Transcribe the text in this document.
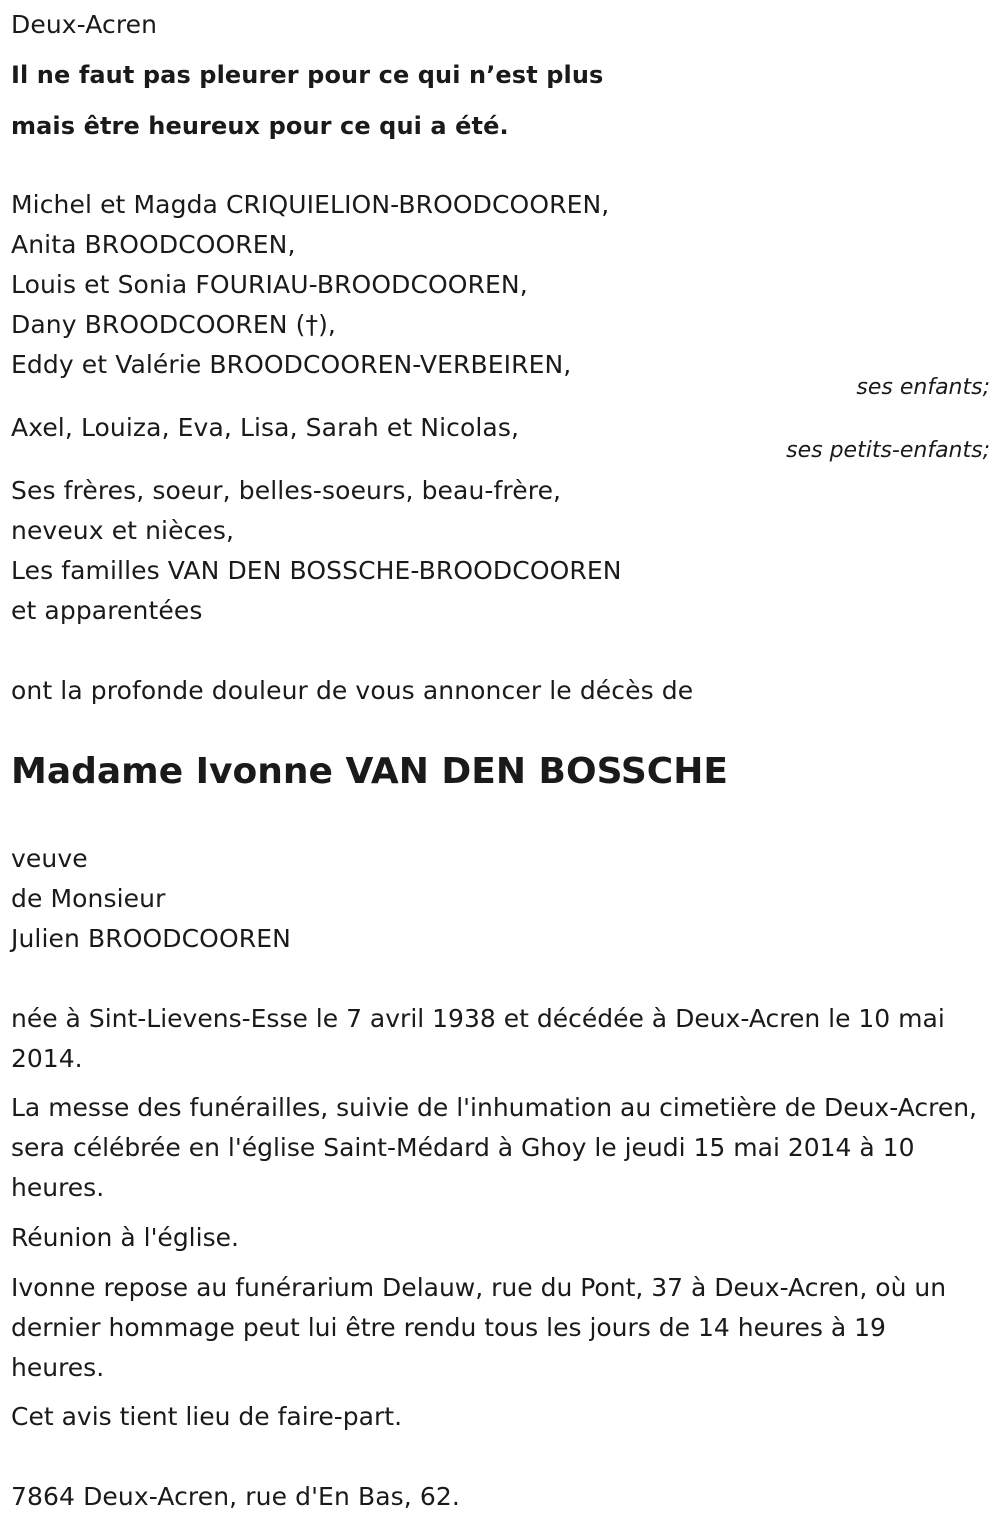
Deux-Acren
Il ne faut pas pleurer pour ce qui n’est plus
mais être heureux pour ce qui a été.
Michel et Magda CRIQUIELION-BROODCOOREN,
Anita BROODCOOREN,
Louis et Sonia FOURIAU-BROODCOOREN,
Dany BROODCOOREN (†),
Eddy et Valérie BROODCOOREN-VERBEIREN,
ses enfants;
Axel, Louiza, Eva, Lisa, Sarah et Nicolas,
ses petits-enfants;
Ses frères, soeur, belles-soeurs, beau-frère,
neveux et nièces,
Les familles VAN DEN BOSSCHE-BROODCOOREN
et apparentées
ont la profonde douleur de vous annoncer le décès de
Madame Ivonne VAN DEN BOSSCHE
veuve
de Monsieur
Julien BROODCOOREN
née à Sint-Lievens-Esse le 7 avril 1938 et décédée à Deux-Acren le 10 mai 2014.
La messe des funérailles, suivie de l'inhumation au cimetière de Deux-Acren, sera célébrée en l'église Saint-Médard à Ghoy le jeudi 15 mai 2014 à 10 heures.
Réunion à l'église.
Ivonne repose au funérarium Delauw, rue du Pont, 37 à Deux-Acren, où un dernier hommage peut lui être rendu tous les jours de 14 heures à 19 heures.
Cet avis tient lieu de faire-part.
7864 Deux-Acren, rue d'En Bas, 62.
